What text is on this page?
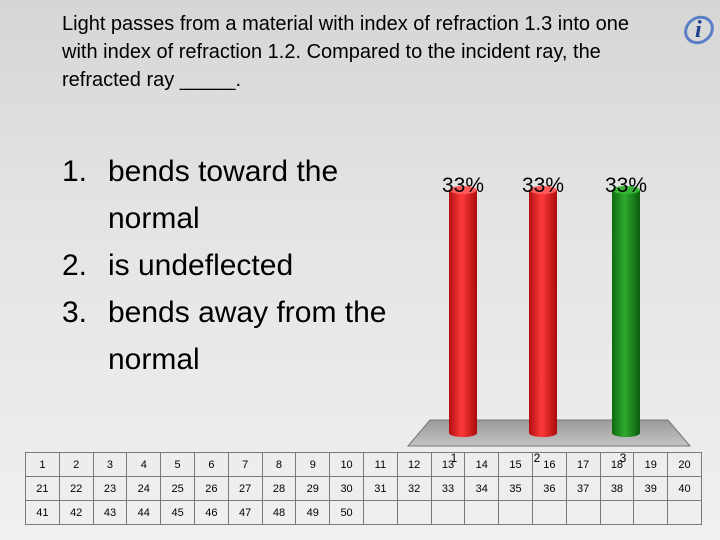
Light passes from a material with index of refraction 1.3 into one with index of refraction 1.2. Compared to the incident ray, the refracted ray _____.
i
1. bends toward the normal
2. is undeflected
3. bends away from the normal
33% 33% 33%
1	2	3
1	2	3	4	5	6	7	8	9	10	11	12	13	14	15	16	17	18	19	20
21	22	23	24	25	26	27	28	29	30	31	32	33	34	35	36	37	38	39	40
41	42	43	44	45	46	47	48	49	50										
